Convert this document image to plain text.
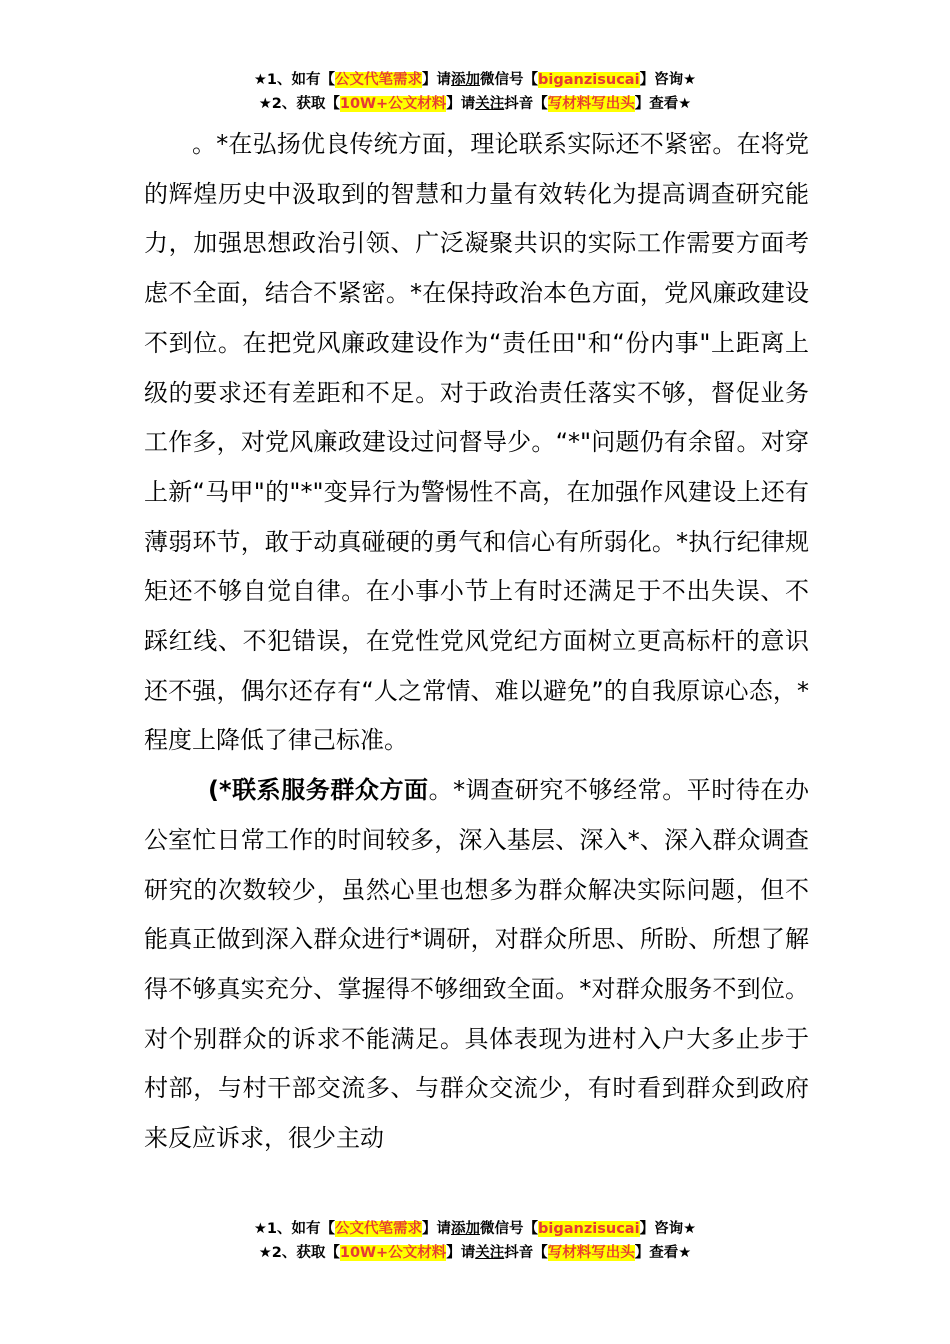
★1、如有【公文代笔需求】请添加微信号【biganzisucai】咨询★
★2、获取【10W+公文材料】请关注抖音【写材料写出头】查看★

。*在弘扬优良传统方面，理论联系实际还不紧密。在将党的辉煌历史中汲取到的智慧和力量有效转化为提高调查研究能力，加强思想政治引领、广泛凝聚共识的实际工作需要方面考虑不全面，结合不紧密。*在保持政治本色方面，党风廉政建设不到位。在把党风廉政建设作为“责任田"和“份内事"上距离上级的要求还有差距和不足。对于政治责任落实不够，督促业务工作多，对党风廉政建设过问督导少。“*"问题仍有余留。对穿上新“马甲"的"*"变异行为警惕性不高，在加强作风建设上还有薄弱环节，敢于动真碰硬的勇气和信心有所弱化。*执行纪律规矩还不够自觉自律。在小事小节上有时还满足于不出失误、不踩红线、不犯错误，在党性党风党纪方面树立更高标杆的意识还不强，偶尔还存有“人之常情、难以避免”的自我原谅心态，*程度上降低了律己标准。

(*联系服务群众方面。*调查研究不够经常。平时待在办公室忙日常工作的时间较多，深入基层、深入*、深入群众调查研究的次数较少，虽然心里也想多为群众解决实际问题，但不能真正做到深入群众进行*调研，对群众所思、所盼、所想了解得不够真实充分、掌握得不够细致全面。*对群众服务不到位。对个别群众的诉求不能满足。具体表现为进村入户大多止步于村部，与村干部交流多、与群众交流少，有时看到群众到政府来反应诉求，很少主动

★1、如有【公文代笔需求】请添加微信号【biganzisucai】咨询★
★2、获取【10W+公文材料】请关注抖音【写材料写出头】查看★
